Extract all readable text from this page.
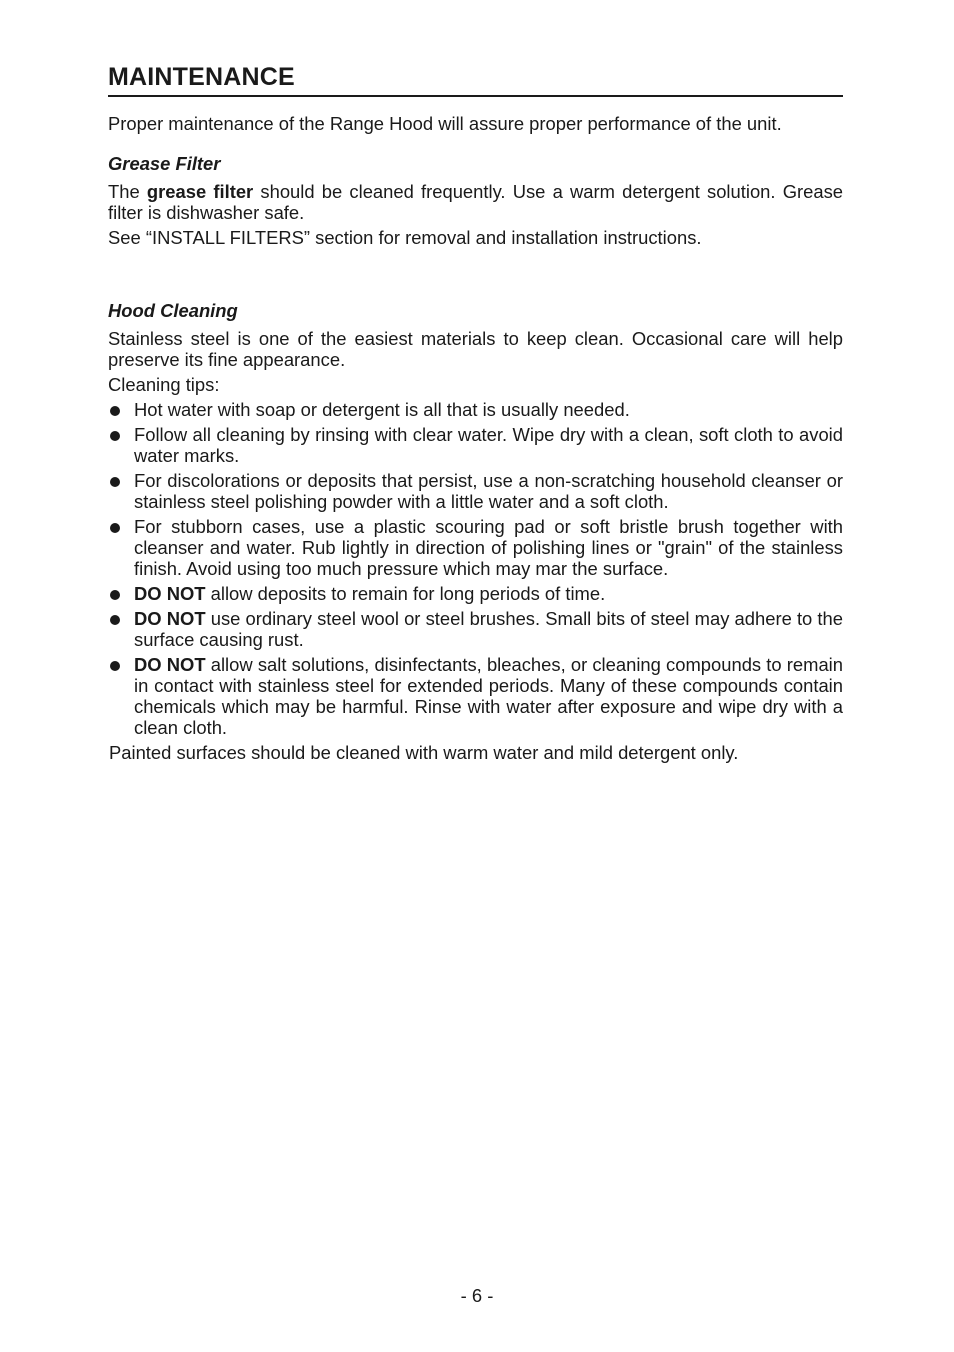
MAINTENANCE

Proper maintenance of the Range Hood will assure proper performance of the unit.

Grease Filter

The grease filter should be cleaned frequently. Use a warm detergent solution. Grease filter is dishwasher safe.

See “INSTALL FILTERS” section for removal and installation instructions.

Hood Cleaning

Stainless steel is one of the easiest materials to keep clean. Occasional care will help preserve its fine appearance.

Cleaning tips:

Hot water with soap or detergent is all that is usually needed.
Follow all cleaning by rinsing with clear water. Wipe dry with a clean, soft cloth to avoid water marks.
For discolorations or deposits that persist, use a non-scratching household cleanser or stainless steel polishing powder with a little water and a soft cloth.
For stubborn cases, use a plastic scouring pad or soft bristle brush together with cleanser and water. Rub lightly in direction of polishing lines or "grain" of the stainless finish. Avoid using too much pressure which may mar the surface.
DO NOT allow deposits to remain for long periods of time.
DO NOT use ordinary steel wool or steel brushes. Small bits of steel may adhere to the surface causing rust.
DO NOT allow salt solutions, disinfectants, bleaches, or cleaning compounds to remain in contact with stainless steel for extended periods. Many of these compounds contain chemicals which may be harmful. Rinse with water after exposure and wipe dry with a clean cloth.

Painted surfaces should be cleaned with warm water and mild detergent only.

- 6 -
